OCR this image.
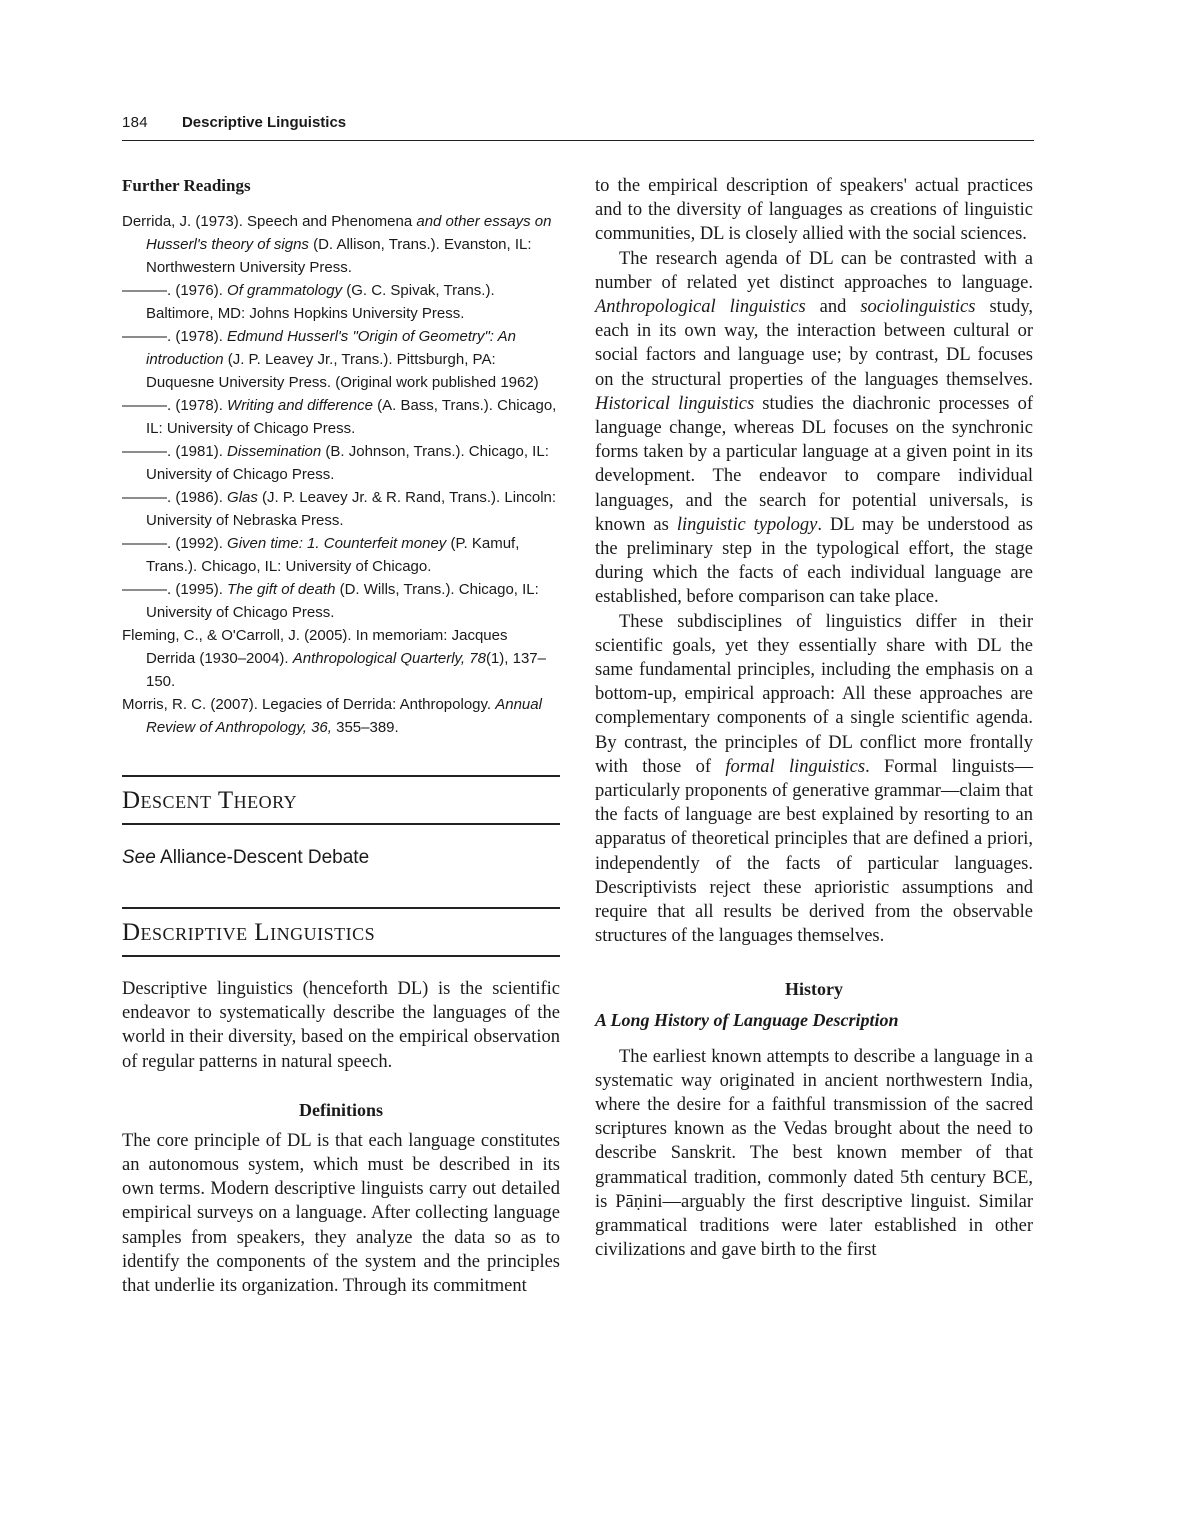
184 Descriptive Linguistics
Further Readings

Derrida, J. (1973). Speech and Phenomena and other essays on Husserl's theory of signs (D. Allison, Trans.). Evanston, IL: Northwestern University Press.

———. (1976). Of grammatology (G. C. Spivak, Trans.). Baltimore, MD: Johns Hopkins University Press.

———. (1978). Edmund Husserl's "Origin of Geometry": An introduction (J. P. Leavey Jr., Trans.). Pittsburgh, PA: Duquesne University Press. (Original work published 1962)

———. (1978). Writing and difference (A. Bass, Trans.). Chicago, IL: University of Chicago Press.

———. (1981). Dissemination (B. Johnson, Trans.). Chicago, IL: University of Chicago Press.

———. (1986). Glas (J. P. Leavey Jr. & R. Rand, Trans.). Lincoln: University of Nebraska Press.

———. (1992). Given time: 1. Counterfeit money (P. Kamuf, Trans.). Chicago, IL: University of Chicago.

———. (1995). The gift of death (D. Wills, Trans.). Chicago, IL: University of Chicago Press.

Fleming, C., & O'Carroll, J. (2005). In memoriam: Jacques Derrida (1930–2004). Anthropological Quarterly, 78(1), 137–150.

Morris, R. C. (2007). Legacies of Derrida: Anthropology. Annual Review of Anthropology, 36, 355–389.

Descent Theory
See Alliance-Descent Debate
Descriptive Linguistics

Descriptive linguistics (henceforth DL) is the scientific endeavor to systematically describe the languages of the world in their diversity, based on the empirical observation of regular patterns in natural speech.

Definitions

The core principle of DL is that each language constitutes an autonomous system, which must be described in its own terms. Modern descriptive linguists carry out detailed empirical surveys on a language. After collecting language samples from speakers, they analyze the data so as to identify the components of the system and the principles that underlie its organization. Through its commitment

to the empirical description of speakers' actual practices and to the diversity of languages as creations of linguistic communities, DL is closely allied with the social sciences.

The research agenda of DL can be contrasted with a number of related yet distinct approaches to language. Anthropological linguistics and sociolinguistics study, each in its own way, the interaction between cultural or social factors and language use; by contrast, DL focuses on the structural properties of the languages themselves. Historical linguistics studies the diachronic processes of language change, whereas DL focuses on the synchronic forms taken by a particular language at a given point in its development. The endeavor to compare individual languages, and the search for potential universals, is known as linguistic typology. DL may be understood as the preliminary step in the typological effort, the stage during which the facts of each individual language are established, before comparison can take place.

These subdisciplines of linguistics differ in their scientific goals, yet they essentially share with DL the same fundamental principles, including the emphasis on a bottom-up, empirical approach: All these approaches are complementary components of a single scientific agenda. By contrast, the principles of DL conflict more frontally with those of formal linguistics. Formal linguists—particularly proponents of generative grammar—claim that the facts of language are best explained by resorting to an apparatus of theoretical principles that are defined a priori, independently of the facts of particular languages. Descriptivists reject these aprioristic assumptions and require that all results be derived from the observable structures of the languages themselves.

History
A Long History of Language Description

The earliest known attempts to describe a language in a systematic way originated in ancient northwestern India, where the desire for a faithful transmission of the sacred scriptures known as the Vedas brought about the need to describe Sanskrit. The best known member of that grammatical tradition, commonly dated 5th century BCE, is Pāṇini—arguably the first descriptive linguist. Similar grammatical traditions were later established in other civilizations and gave birth to the first
